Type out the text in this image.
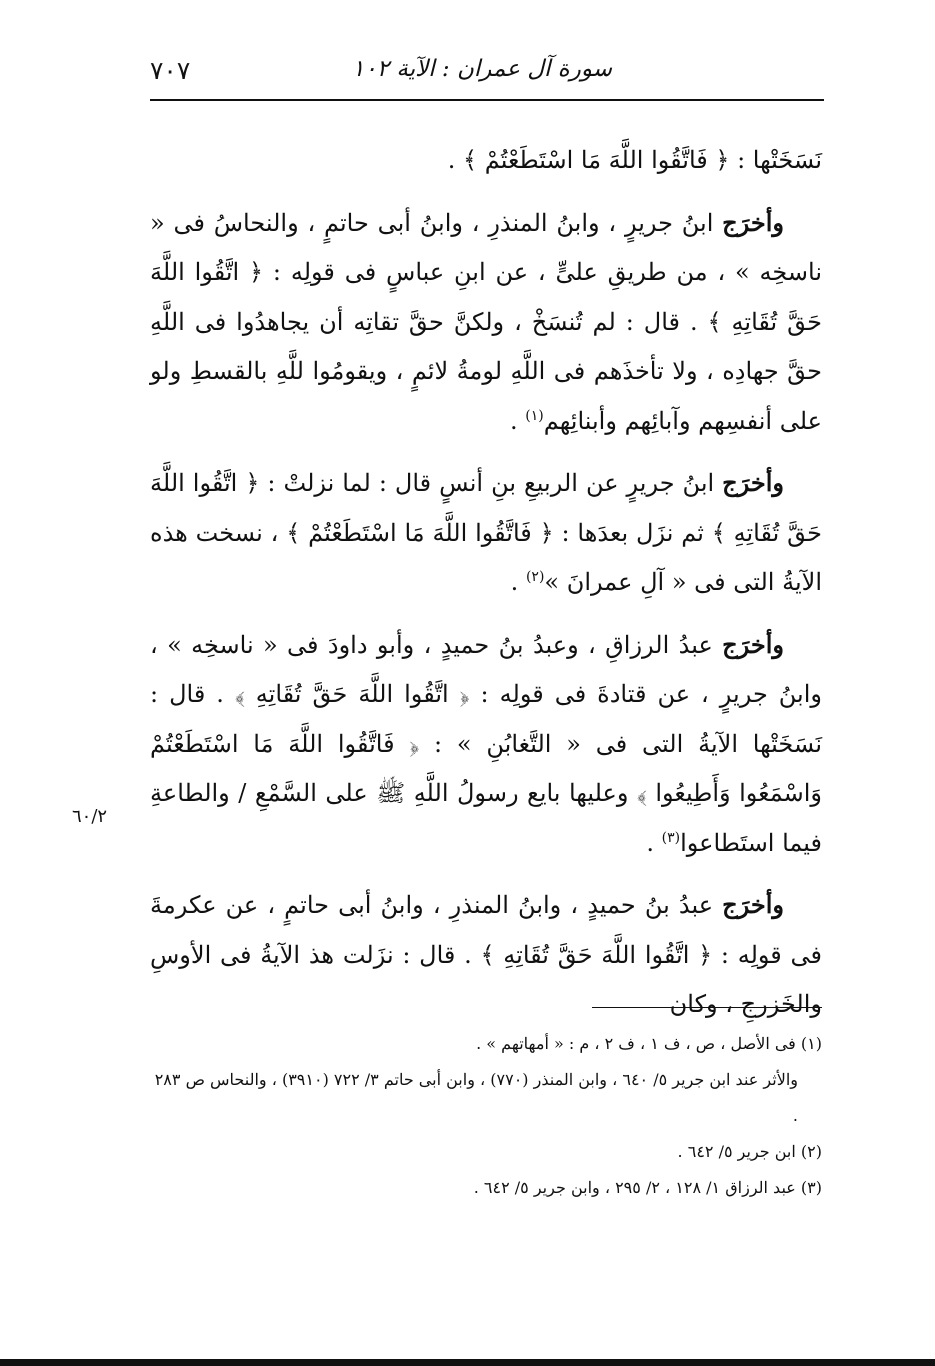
٧٠٧	سورة آل عمران : الآية ١٠٢

نَسَخَتْها : ﴿ فَاتَّقُوا اللَّهَ مَا اسْتَطَعْتُمْ ﴾ .

وأخرَج ابنُ جريرٍ ، وابنُ المنذرِ ، وابنُ أبى حاتمٍ ، والنحاسُ فى « ناسخِه » ، من طريقِ علىٍّ ، عن ابنِ عباسٍ فى قولِه : ﴿ اتَّقُوا اللَّهَ حَقَّ تُقَاتِهِ ﴾ . قال : لم تُنسَخْ ، ولكنَّ حقَّ تقاتِه أن يجاهدُوا فى اللَّهِ حقَّ جهادِه ، ولا تأخذَهم فى اللَّهِ لومةُ لائمٍ ، ويقومُوا للَّهِ بالقسطِ ولو على أنفسِهم وآبائِهم وأبنائِهم$^{(١)}$ .

وأخرَج ابنُ جريرٍ عن الربيعِ بنِ أنسٍ قال : لما نزلتْ : ﴿ اتَّقُوا اللَّهَ حَقَّ تُقَاتِهِ ﴾ ثم نزَل بعدَها : ﴿ فَاتَّقُوا اللَّهَ مَا اسْتَطَعْتُمْ ﴾ ، نسخت هذه الآيةُ التى فى « آلِ عمرانَ »$^{(٢)}$ .

وأخرَج عبدُ الرزاقِ ، وعبدُ بنُ حميدٍ ، وأبو داودَ فى « ناسخِه » ، وابنُ جريرٍ ، عن قتادةَ فى قولِه : ﴿ اتَّقُوا اللَّهَ حَقَّ تُقَاتِهِ ﴾ . قال : نَسَخَتْها الآيةُ التى فى « التَّغابُنِ » : ﴿ فَاتَّقُوا اللَّهَ مَا اسْتَطَعْتُمْ وَاسْمَعُوا وَأَطِيعُوا ﴾ وعليها بايع رسولُ اللَّهِ ﷺ على السَّمْعِ / والطاعةِ فيما استَطاعوا$^{(٣)}$ .

وأخرَج عبدُ بنُ حميدٍ ، وابنُ المنذرِ ، وابنُ أبى حاتمٍ ، عن عكرمةَ فى قولِه : ﴿ اتَّقُوا اللَّهَ حَقَّ تُقَاتِهِ ﴾ . قال : نزَلت هذ الآيةُ فى الأوسِ والخَزرجِ ، وكان

٦٠/٢

(١) فى الأصل ، ص ، ف ١ ، ف ٢ ، م : « أمهاتهم » .

والأثر عند ابن جرير ٥/ ٦٤٠ ، وابن المنذر (٧٧٠) ، وابن أبى حاتم ٣/ ٧٢٢ (٣٩١٠) ، والنحاس ص ٢٨٣ .

(٢) ابن جرير ٥/ ٦٤٢ .

(٣) عبد الرزاق ١/ ١٢٨ ، ٢/ ٢٩٥ ، وابن جرير ٥/ ٦٤٢ .
